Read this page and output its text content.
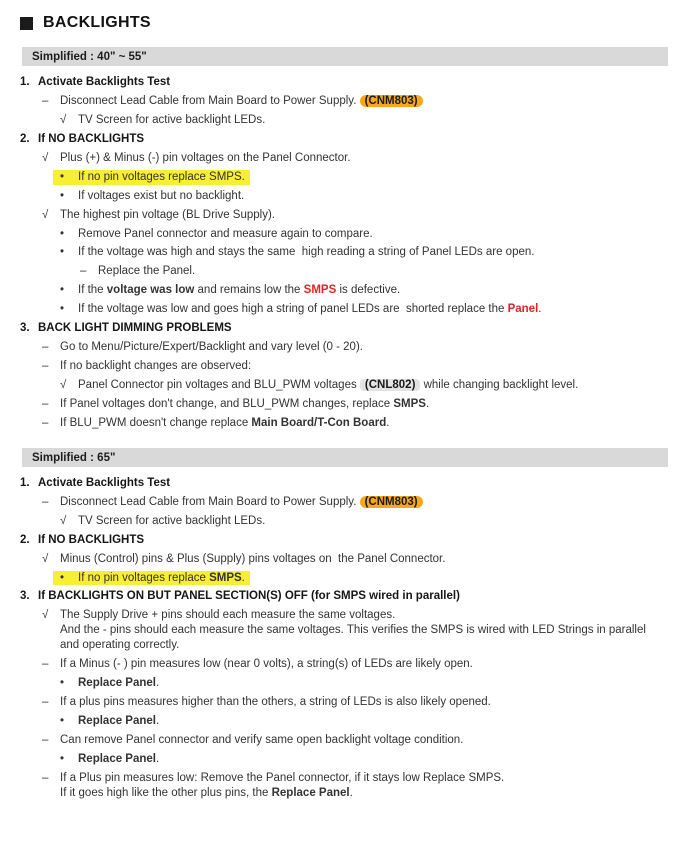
BACKLIGHTS
Simplified : 40" ~ 55"
1. Activate Backlights Test
–	Disconnect Lead Cable from Main Board to Power Supply. (CNM803)
√	TV Screen for active backlight LEDs.
2. If NO BACKLIGHTS
√	Plus (+) & Minus (-) pin voltages on the Panel Connector.
•	If no pin voltages replace SMPS.
•	If voltages exist but no backlight.
√	The highest pin voltage (BL Drive Supply).
•	Remove Panel connector and measure again to compare.
•	If the voltage was high and stays the same  high reading a string of Panel LEDs are open.
–	Replace the Panel.
•	If the voltage was low and remains low the SMPS is defective.
•	If the voltage was low and goes high a string of panel LEDs are  shorted replace the Panel.
3. BACK LIGHT DIMMING PROBLEMS
–	Go to Menu/Picture/Expert/Backlight and vary level (0 - 20).
–	If no backlight changes are observed:
√	Panel Connector pin voltages and BLU_PWM voltages (CNL802) while changing backlight level.
–	If Panel voltages don't change, and BLU_PWM changes, replace SMPS.
–	If BLU_PWM doesn't change replace Main Board/T-Con Board.
Simplified : 65"
1. Activate Backlights Test
–	Disconnect Lead Cable from Main Board to Power Supply. (CNM803)
√	TV Screen for active backlight LEDs.
2. If NO BACKLIGHTS
√	Minus (Control) pins & Plus (Supply) pins voltages on  the Panel Connector.
•	If no pin voltages replace SMPS.
3. If BACKLIGHTS ON BUT PANEL SECTION(S) OFF (for SMPS wired in parallel)
√	The Supply Drive + pins should each measure the same voltages.
And the - pins should each measure the same voltages. This verifies the SMPS is wired with LED Strings in parallel
and operating correctly.
–	If a Minus (- ) pin measures low (near 0 volts), a string(s) of LEDs are likely open.
•	Replace Panel.
–	If a plus pins measures higher than the others, a string of LEDs is also likely opened.
•	Replace Panel.
–	Can remove Panel connector and verify same open backlight voltage condition.
•	Replace Panel.
–	If a Plus pin measures low: Remove the Panel connector, if it stays low Replace SMPS.
If it goes high like the other plus pins, the Replace Panel.
